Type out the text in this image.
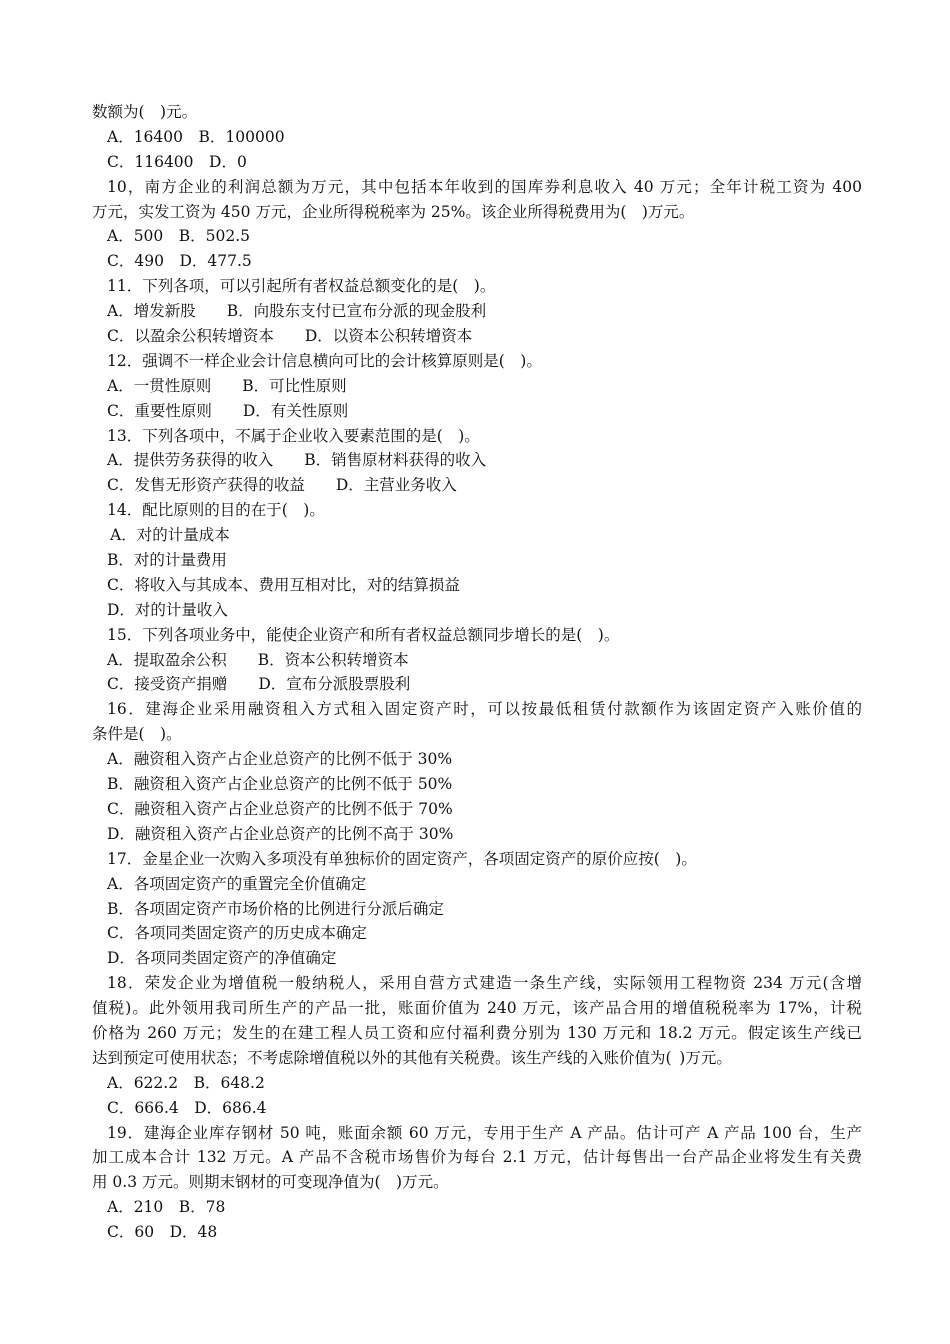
数额为(　)元。
A．16400　B．100000
C．116400　D．0
10，南方企业的利润总额为万元，其中包括本年收到的国库券利息收入 40 万元；全年计税工资为 400
万元，实发工资为 450 万元，企业所得税税率为 25%。该企业所得税费用为(　)万元。
A．500　B．502.5
C．490　D．477.5
11．下列各项，可以引起所有者权益总额变化的是(　)。
A．增发新股　　B．向股东支付已宣布分派的现金股利
C．以盈余公积转增资本　　D．以资本公积转增资本
12．强调不一样企业会计信息横向可比的会计核算原则是(　)。
A．一贯性原则　　B．可比性原则
C．重要性原则　　D．有关性原则
13．下列各项中，不属于企业收入要素范围的是(　)。
A．提供劳务获得的收入　　B．销售原材料获得的收入
C．发售无形资产获得的收益　　D．主营业务收入
14．配比原则的目的在于(　)。
A．对的计量成本
B．对的计量费用
C．将收入与其成本、费用互相对比，对的结算损益
D．对的计量收入
15．下列各项业务中，能使企业资产和所有者权益总额同步增长的是(　)。
A．提取盈余公积　　B．资本公积转增资本
C．接受资产捐赠　　D．宣布分派股票股利
16．建海企业采用融资租入方式租入固定资产时，可以按最低租赁付款额作为该固定资产入账价值的
条件是(　)。
A．融资租入资产占企业总资产的比例不低于 30%
B．融资租入资产占企业总资产的比例不低于 50%
C．融资租入资产占企业总资产的比例不低于 70%
D．融资租入资产占企业总资产的比例不高于 30%
17．金星企业一次购入多项没有单独标价的固定资产，各项固定资产的原价应按(　)。
A．各项固定资产的重置完全价值确定
B．各项固定资产市场价格的比例进行分派后确定
C．各项同类固定资产的历史成本确定
D．各项同类固定资产的净值确定
18．荣发企业为增值税一般纳税人，采用自营方式建造一条生产线，实际领用工程物资 234 万元(含增
值税)。此外领用我司所生产的产品一批，账面价值为 240 万元，该产品合用的增值税税率为 17%，计税
价格为 260 万元；发生的在建工程人员工资和应付福利费分别为 130 万元和 18.2 万元。假定该生产线已
达到预定可使用状态；不考虑除增值税以外的其他有关税费。该生产线的入账价值为( )万元。
A．622.2　B．648.2
C．666.4　D．686.4
19．建海企业库存钢材 50 吨，账面余额 60 万元，专用于生产 A 产品。估计可产 A 产品 100 台，生产
加工成本合计 132 万元。A 产品不含税市场售价为每台 2.1 万元，估计每售出一台产品企业将发生有关费
用 0.3 万元。则期末钢材的可变现净值为(　)万元。
A．210　B．78
C．60　D．48
